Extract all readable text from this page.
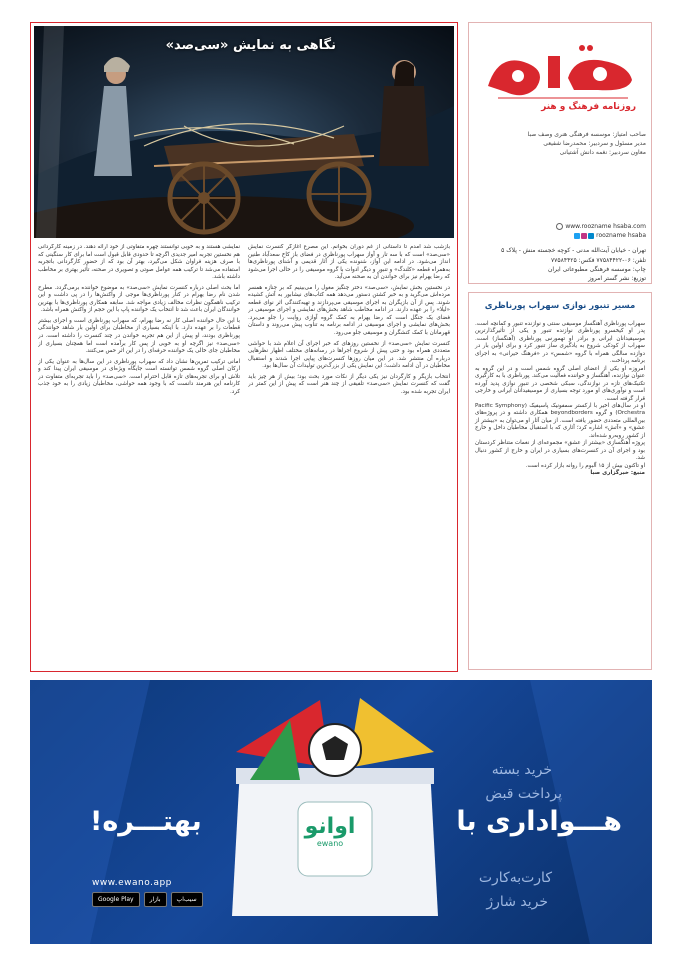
روزنامه فرهنگ و هنر
صاحب امتیاز: موسسه فرهنگی هنری وصف صبا
مدیر مسئول و سردبیر: محمدرضا شفیعی
معاون سردبیر: نغمه دانش آشتیانی
www.roozname hsaba.com
roozname hsaba
تهران - خیابان آیت‌الله مدنی - کوچه خجسته منش - پلاک ۵
تلفن: ۰۶-۷۷۵۸۴۴۲۲ فکس: ۷۷۵۸۴۴۲۵
چاپ: موسسه فرهنگی مطبوعاتی ایران
توزیع: نشر گستر امروز
مسیر تنبور نوازی سهراب پورناظری

سهراب پورناظری آهنگساز موسیقی سنتی و نوازنده تنبور و کمانچه است. پدر او کیخسرو پورناظری نوازنده تنبور و یکی از تأثیرگذارترین موسیقیدانان ایرانی و برادر او تهمورس پورناظری (آهنگساز) است. سهراب از کودکی شروع به یادگیری ساز تنبور کرد و برای اولین بار در دوازده سالگی همراه با گروه «شمس» در «فرهنگ حیرانی» به اجرای برنامه پرداخت.

امروزه او یکی از اعضای اصلی گروه شمس است و در این گروه به عنوان نوازنده، آهنگساز و خواننده فعالیت می‌کند. پورناظری با به کارگیری تکنیک‌های تازه در نوازندگی، سبکی شخصی در تنبور نوازی پدید آورده است و نوآوری‌های او مورد توجه بسیاری از موسیقیدانان ایرانی و خارجی قرار گرفته است.

او در سال‌های اخیر با ارکستر سمفونیک پاسیفیک (Pacific Symphony Orchestra) و گروه beyondborders همکاری داشته و در پروژه‌های بین‌المللی متعددی حضور یافته است. از میان آثار او می‌توان به «بیشتر از عشق» و «آتش» اشاره کرد؛ آثاری که با استقبال مخاطبان داخل و خارج از کشور روبه‌رو شده‌اند.

پروژه آهنگسازی «بیشتر از عشق» مجموعه‌ای از نغمات متناظر کردستان بود و اجرای آن در کنسرت‌های بسیاری در ایران و خارج از کشور دنبال شد.

او تاکنون بیش از ۱۵ آلبوم را روانه بازار کرده است.

منبع: خبرگزاری صبا

نگاهی به نمایش «سی‌صد»

بازشب شد آمدم تا داستانی از غم دوران بخوانم. این مصرع آغازگر کنسرت نمایش «سی‌صد» است که با سه تار و آواز سهراب پورناظری در فضای باز کاخ سعدآباد طنین انداز می‌شود. در ادامه این آواز، شنونده یکی از آثار قدیمی و آشنای پورناظری‌ها به‌همراه قطعه «کلندگ» و تنبور و دیگر ادوات با گروه موسیقی را در حالی اجرا می‌شود که رضا یهرام نیز برای خواندن آن به صحنه می‌آید.

در نخستین بخش نمایش، «سی‌صد» دختر چنگیز مغول را می‌بینیم که بر جنازه همسر مرده‌اش می‌گرید و به خبر کشتن دستور می‌دهد همه کتاب‌های نیشابور به آتش کشیده شوند. پس از آن بازیگران به اجرای موسیقی می‌پردازند و تهیه‌کنندگی اثر نوای قطعه «لیلا» را بر عهده دارند. در ادامه مخاطب شاهد بخش‌های نمایشی و اجرای موسیقی در فضای یک جنگل است که رضا یهرام به کمک گروه آوازی روایت را جلو می‌برد. بخش‌های نمایشی و اجرای موسیقی در ادامه برنامه به تناوب پیش می‌روند و داستان قهرمانان با کمک کنشگران و موسیقی جلو می‌رود.

کنسرت نمایش «سی‌صد» از نخستین روزهای که خبر اجرای آن اعلام شد با حواشی متعددی همراه بود و حتی پیش از شروع اجراها در رسانه‌های مختلف اظهار نظرهایی درباره آن منتشر شد. در این میان روزها کنسرت‌های پیاپی اجرا شدند و استقبال مخاطبان در آن ادامه داشت؛ این نمایش یکی از بزرگ‌ترین تولیدات آن سال‌ها بود.

انتخاب بازیگر و کارگردان نیز یکی دیگر از نکات مورد بحث بود؛ بیش از هر چیز باید گفت که کنسرت نمایش «سی‌صد» تلفیقی از چند هنر است که پیش از این کمتر در ایران تجربه شده بود.

نمایشی هستند و به خوبی توانستند چهره متفاوتی از خود ارائه دهند. در زمینه کارگردانی هم نخستین تجربه امیر جدیدی اگرچه تا حدودی قابل قبول است اما برای کار سنگینی که با صرف هزینه فراوان شکل می‌گیرد، بهتر آن بود که از حضور کارگردانی باتجربه استفاده می‌شد تا ترکیب همه عوامل صوتی و تصویری در صحنه، تأثیر بهتری بر مخاطب داشته باشد.

اما بحث اصلی درباره کنسرت نمایش «سی‌صد» به موضوع خواننده برمی‌گردد. مطرح شدن نام رضا یهرام در کنار پورناظری‌ها موجی از واکنش‌ها را در پی داشت و این ترکیب ناهمگون نظرات مخالف زیادی مواجه شد. سابقه همکاری پورناظری‌ها با بهترین خوانندگان ایران باعث شد تا انتخاب یک خواننده پاپ با این حجم از واکنش همراه باشد.

با این حال خواننده اصلی کار نه رضا یهرام، که سهراب پورناظری است و اجرای بیشتر قطعات را بر عهده دارد. با اینکه بسیاری از مخاطبان برای اولین بار شاهد خوانندگی پورناظری بودند، او پیش از این هم تجربه خواندن در چند کنسرت را داشته است. در «سی‌صد» نیز اگرچه او به خوبی از پس کار برآمده است اما همچنان بسیاری از مخاطبان جای خالی یک خواننده حرفه‌ای را در این اثر حس می‌کنند.

امانی ترکیب تمرین‌ها نشان داد که سهراب پورناظری در این سال‌ها به عنوان یکی از ارکان اصلی گروه شمس توانسته است جایگاه ویژه‌ای در موسیقی ایران پیدا کند و تلاش او برای تجربه‌های تازه قابل احترام است. «سی‌صد» را باید تجربه‌ای متفاوت در کارنامه این هنرمند دانست که با وجود همه حواشی، مخاطبان زیادی را به خود جذب کرد.

هـــواداری با
اوانو
ewano
بهتـــره!
خرید بسته
پرداخت قبض
کارت‌به‌کارت
خرید شارژ
www.ewano.app
Google Play	بازار	سیب‌اپ
